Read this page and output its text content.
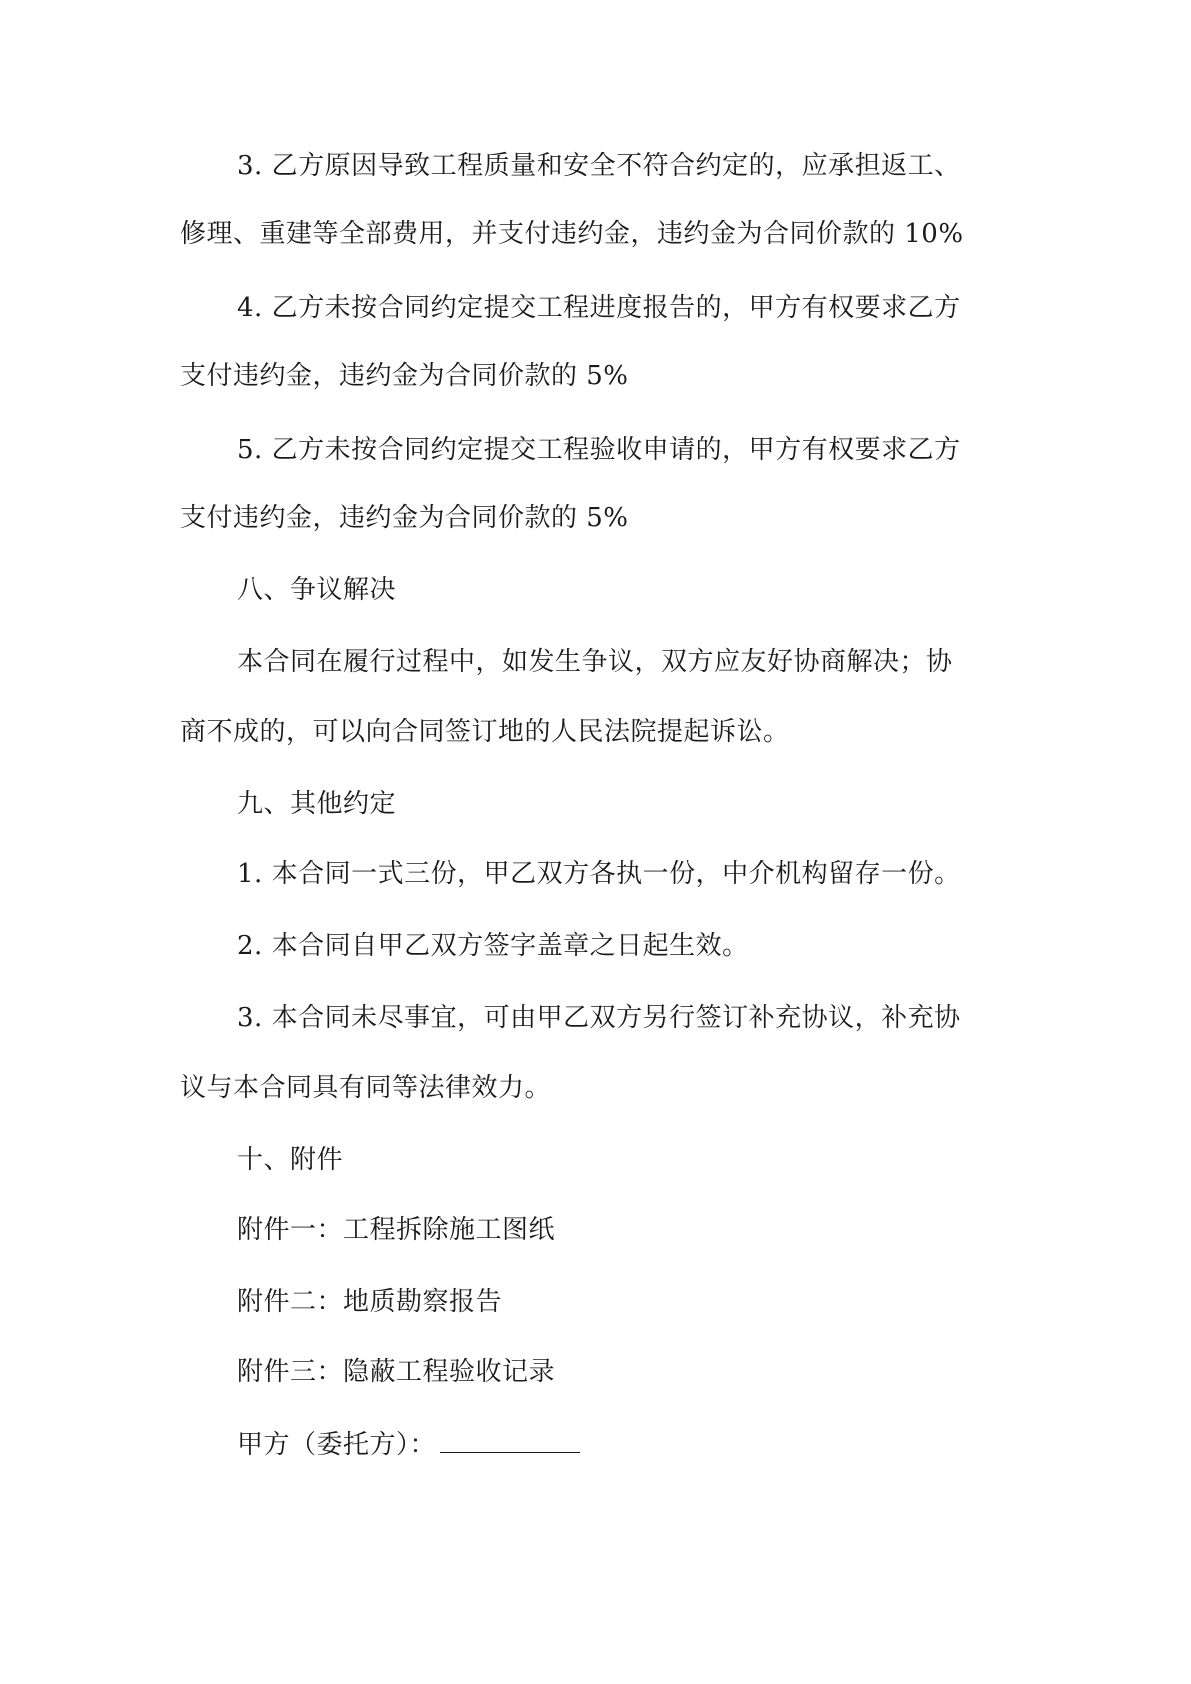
3. 乙方原因导致工程质量和安全不符合约定的，应承担返工、
修理、重建等全部费用，并支付违约金，违约金为合同价款的 10%
4. 乙方未按合同约定提交工程进度报告的，甲方有权要求乙方
支付违约金，违约金为合同价款的 5%
5. 乙方未按合同约定提交工程验收申请的，甲方有权要求乙方
支付违约金，违约金为合同价款的 5%
八、争议解决
本合同在履行过程中，如发生争议，双方应友好协商解决；协
商不成的，可以向合同签订地的人民法院提起诉讼。
九、其他约定
1. 本合同一式三份，甲乙双方各执一份，中介机构留存一份。
2. 本合同自甲乙双方签字盖章之日起生效。
3. 本合同未尽事宜，可由甲乙双方另行签订补充协议，补充协
议与本合同具有同等法律效力。
十、附件
附件一：工程拆除施工图纸
附件二：地质勘察报告
附件三：隐蔽工程验收记录
甲方（委托方）：
